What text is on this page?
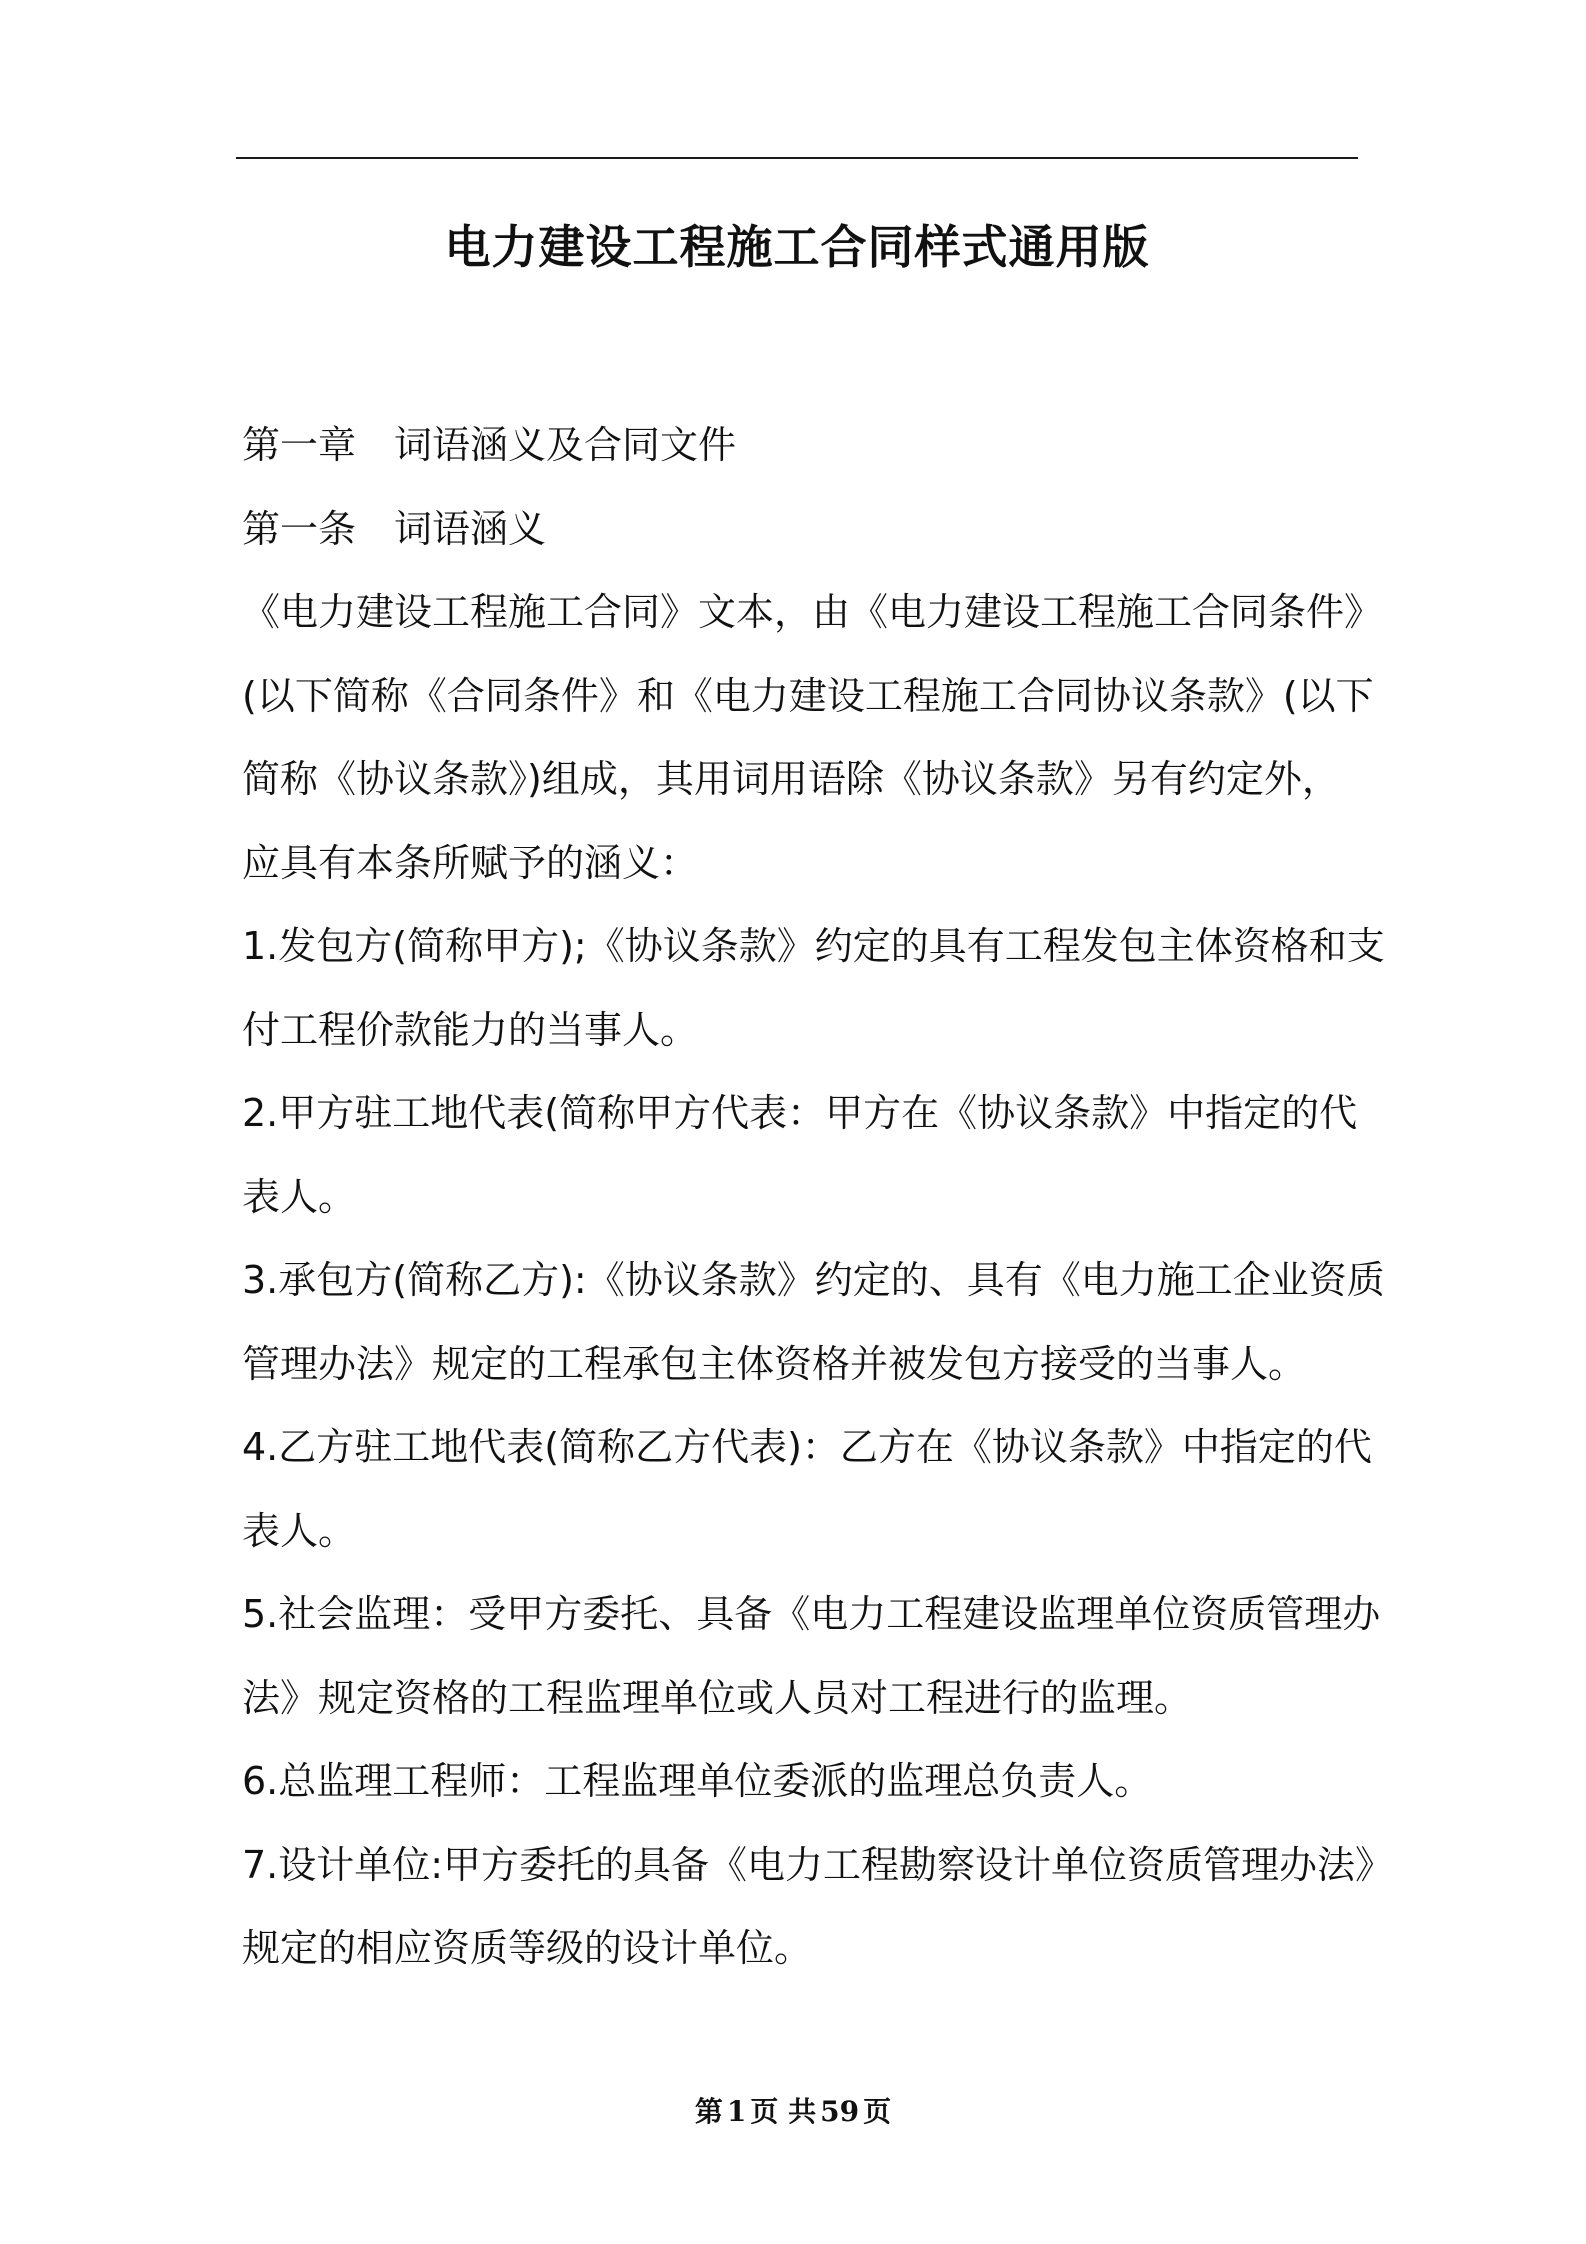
电力建设工程施工合同样式通用版

第一章 词语涵义及合同文件

第一条 词语涵义

《电力建设工程施工合同》文本，由《电力建设工程施工合同条件》

(以下简称《合同条件》和《电力建设工程施工合同协议条款》(以下

简称《协议条款》)组成，其用词用语除《协议条款》另有约定外，

应具有本条所赋予的涵义：

1.发包方(简称甲方);《协议条款》约定的具有工程发包主体资格和支

付工程价款能力的当事人。

2.甲方驻工地代表(简称甲方代表：甲方在《协议条款》中指定的代

表人。

3.承包方(简称乙方):《协议条款》约定的、具有《电力施工企业资质

管理办法》规定的工程承包主体资格并被发包方接受的当事人。

4.乙方驻工地代表(简称乙方代表)：乙方在《协议条款》中指定的代

表人。

5.社会监理：受甲方委托、具备《电力工程建设监理单位资质管理办

法》规定资格的工程监理单位或人员对工程进行的监理。

6.总监理工程师：工程监理单位委派的监理总负责人。

7.设计单位:甲方委托的具备《电力工程勘察设计单位资质管理办法》

规定的相应资质等级的设计单位。

第 1 页 共 59 页
